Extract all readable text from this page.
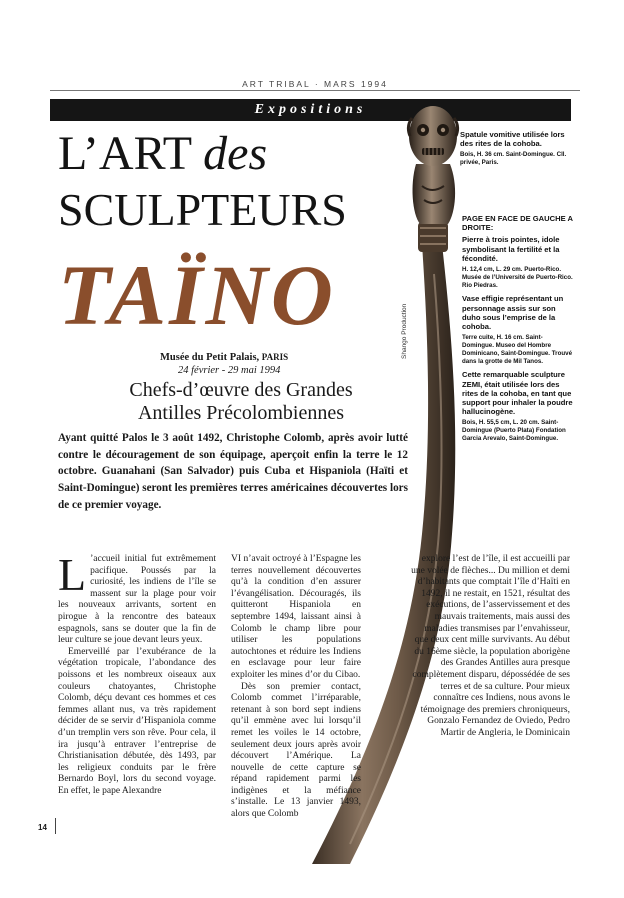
ART TRIBAL · MARS 1994
Expositions
L’ART des
SCULPTEURS
TAÏNO
Musée du Petit Palais, PARIS
24 février - 29 mai 1994
Chefs-d’œuvre des Grandes
Antilles Précolombiennes
Ayant quitté Palos le 3 août 1492, Christophe Colomb, après avoir lutté contre le découragement de son équipage, aperçoit enfin la terre le 12 octobre. Guanahani (San Salvador) puis Cuba et Hispaniola (Haïti et Saint-Domingue) seront les premières terres américaines découvertes lors de ce premier voyage.
Shango Production
L ’accueil initial fut extrêmement pacifique. Poussés par la curiosité, les indiens de l’île se massent sur la plage pour voir les nouveaux arrivants, sortent en pirogue à la rencontre des bateaux espagnols, sans se douter que la fin de leur culture se joue devant leurs yeux.

Emerveillé par l’exubérance de la végétation tropicale, l’abondance des poissons et les nombreux oiseaux aux couleurs chatoyantes, Christophe Colomb, déçu devant ces hommes et ces femmes allant nus, va très rapidement décider de se servir d’Hispaniola comme d’un tremplin vers son rêve. Pour cela, il ira jusqu’à entraver l’entreprise de Christianisation débutée, dès 1493, par les religieux conduits par le frère Bernardo Boyl, lors du second voyage. En effet, le pape Alexandre

VI n’avait octroyé à l’Espagne les terres nouvellement découvertes qu’à la condition d’en assurer l’évangélisation. Découragés, ils quitteront Hispaniola en septembre 1494, laissant ainsi à Colomb le champ libre pour utiliser les populations autochtones et réduire les Indiens en esclavage pour leur faire exploiter les mines d’or du Cibao.

Dès son premier contact, Colomb commet l’irréparable, retenant à son bord sept indiens qu’il emmène avec lui lorsqu’il remet les voiles le 14 octobre, seulement deux jours après avoir découvert l’Amérique. La nouvelle de cette capture se répand rapidement parmi les indigènes et la méfiance s’installe. Le 13 janvier 1493, alors que Colomb

explore l’est de l’île, il est accueilli par une volée de flèches... Du million et demi d’habitants que comptait l’île d’Haïti en 1492, il ne restait, en 1521, résultat des exécutions, de l’asservissement et des mauvais traitements, mais aussi des maladies transmises par l’envahisseur, que deux cent mille survivants. Au début du 16ème siècle, la population aborigène des Grandes Antilles aura presque complètement disparu, dépossédée de ses terres et de sa culture. Pour mieux connaître ces Indiens, nous avons le témoignage des premiers chroniqueurs, Gonzalo Fernandez de Oviedo, Pedro Martir de Angleria, le Dominicain

14

Spatule vomitive utilisée lors des rites de la cohoba.

Bois, H. 36 cm. Saint-Domingue. Cll. privée, Paris.

PAGE EN FACE DE GAUCHE A DROITE:

Pierre à trois pointes, idole symbolisant la fertilité et la fécondité.

H. 12,4 cm, L. 29 cm. Puerto-Rico. Musée de l’Université de Puerto-Rico. Rio Piedras.

Vase effigie représentant un personnage assis sur son duho sous l’emprise de la cohoba.

Terre cuite, H. 16 cm. Saint-Domingue. Museo del Hombre Dominicano, Saint-Domingue. Trouvé dans la grotte de Mil Tanos.

Cette remarquable sculpture ZEMI, était utilisée lors des rites de la cohoba, en tant que support pour inhaler la poudre hallucinogène.

Bois, H. 55,5 cm, L. 20 cm. Saint-Domingue (Puerto Plata) Fondation Garcia Arevalo, Saint-Domingue.
